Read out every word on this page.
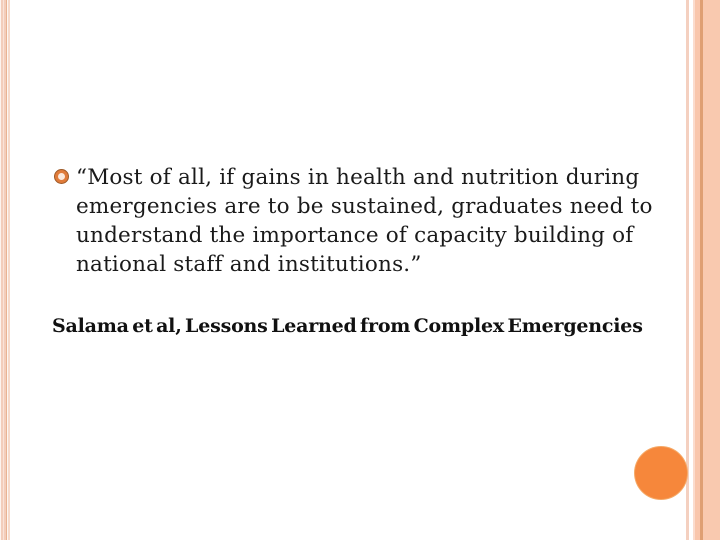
“Most of all, if gains in health and nutrition during
emergencies are to be sustained, graduates need to
understand the importance of capacity building of
national staff and institutions.”
Salama et al, Lessons Learned from Complex Emergencies
